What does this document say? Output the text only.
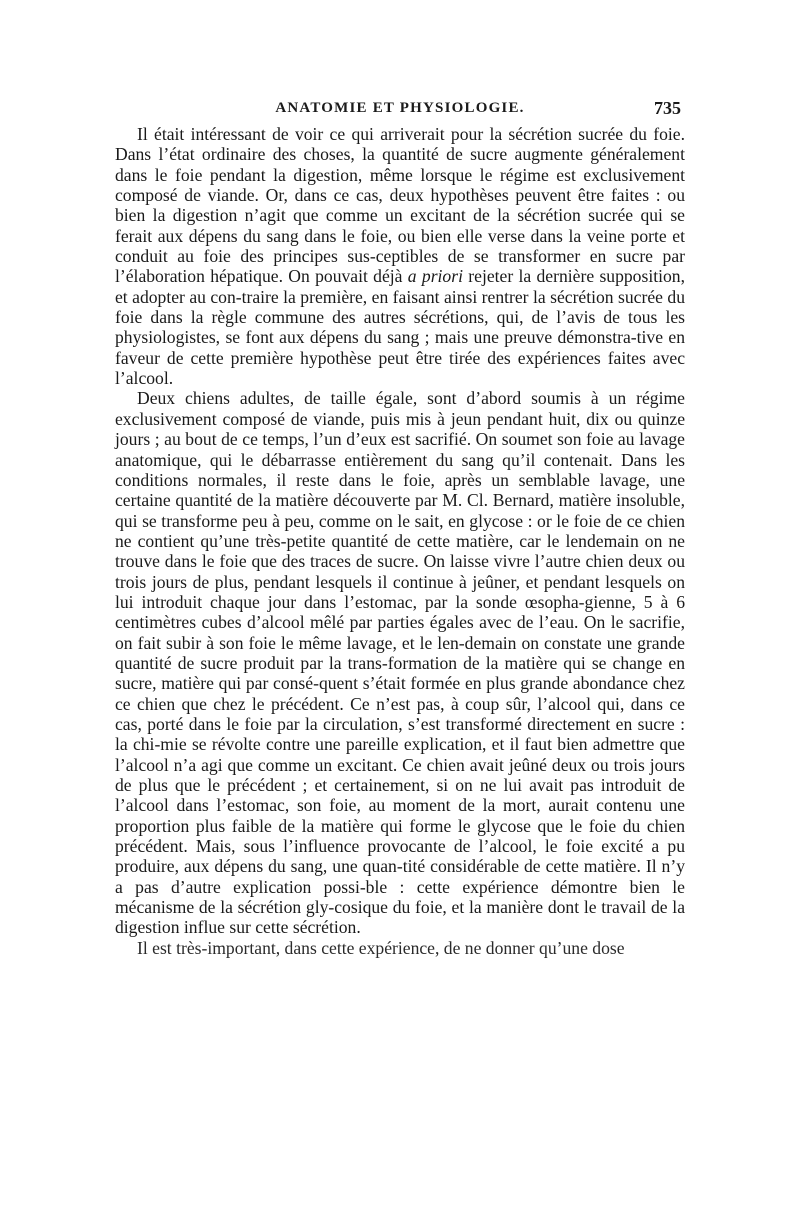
ANATOMIE ET PHYSIOLOGIE.	735

Il était intéressant de voir ce qui arriverait pour la sécrétion sucrée du foie. Dans l’état ordinaire des choses, la quantité de sucre augmente généralement dans le foie pendant la digestion, même lorsque le régime est exclusivement composé de viande. Or, dans ce cas, deux hypothèses peuvent être faites : ou bien la digestion n’agit que comme un excitant de la sécrétion sucrée qui se ferait aux dépens du sang dans le foie, ou bien elle verse dans la veine porte et conduit au foie des principes sus-ceptibles de se transformer en sucre par l’élaboration hépatique. On pouvait déjà a priori rejeter la dernière supposition, et adopter au con-traire la première, en faisant ainsi rentrer la sécrétion sucrée du foie dans la règle commune des autres sécrétions, qui, de l’avis de tous les physiologistes, se font aux dépens du sang ; mais une preuve démonstra-tive en faveur de cette première hypothèse peut être tirée des expériences faites avec l’alcool.

Deux chiens adultes, de taille égale, sont d’abord soumis à un régime exclusivement composé de viande, puis mis à jeun pendant huit, dix ou quinze jours ; au bout de ce temps, l’un d’eux est sacrifié. On soumet son foie au lavage anatomique, qui le débarrasse entièrement du sang qu’il contenait. Dans les conditions normales, il reste dans le foie, après un semblable lavage, une certaine quantité de la matière découverte par M. Cl. Bernard, matière insoluble, qui se transforme peu à peu, comme on le sait, en glycose : or le foie de ce chien ne contient qu’une très-petite quantité de cette matière, car le lendemain on ne trouve dans le foie que des traces de sucre. On laisse vivre l’autre chien deux ou trois jours de plus, pendant lesquels il continue à jeûner, et pendant lesquels on lui introduit chaque jour dans l’estomac, par la sonde œsopha-gienne, 5 à 6 centimètres cubes d’alcool mêlé par parties égales avec de l’eau. On le sacrifie, on fait subir à son foie le même lavage, et le len-demain on constate une grande quantité de sucre produit par la trans-formation de la matière qui se change en sucre, matière qui par consé-quent s’était formée en plus grande abondance chez ce chien que chez le précédent. Ce n’est pas, à coup sûr, l’alcool qui, dans ce cas, porté dans le foie par la circulation, s’est transformé directement en sucre : la chi-mie se révolte contre une pareille explication, et il faut bien admettre que l’alcool n’a agi que comme un excitant. Ce chien avait jeûné deux ou trois jours de plus que le précédent ; et certainement, si on ne lui avait pas introduit de l’alcool dans l’estomac, son foie, au moment de la mort, aurait contenu une proportion plus faible de la matière qui forme le glycose que le foie du chien précédent. Mais, sous l’influence provocante de l’alcool, le foie excité a pu produire, aux dépens du sang, une quan-tité considérable de cette matière. Il n’y a pas d’autre explication possi-ble : cette expérience démontre bien le mécanisme de la sécrétion gly-cosique du foie, et la manière dont le travail de la digestion influe sur cette sécrétion.

Il est très-important, dans cette expérience, de ne donner qu’une dose
